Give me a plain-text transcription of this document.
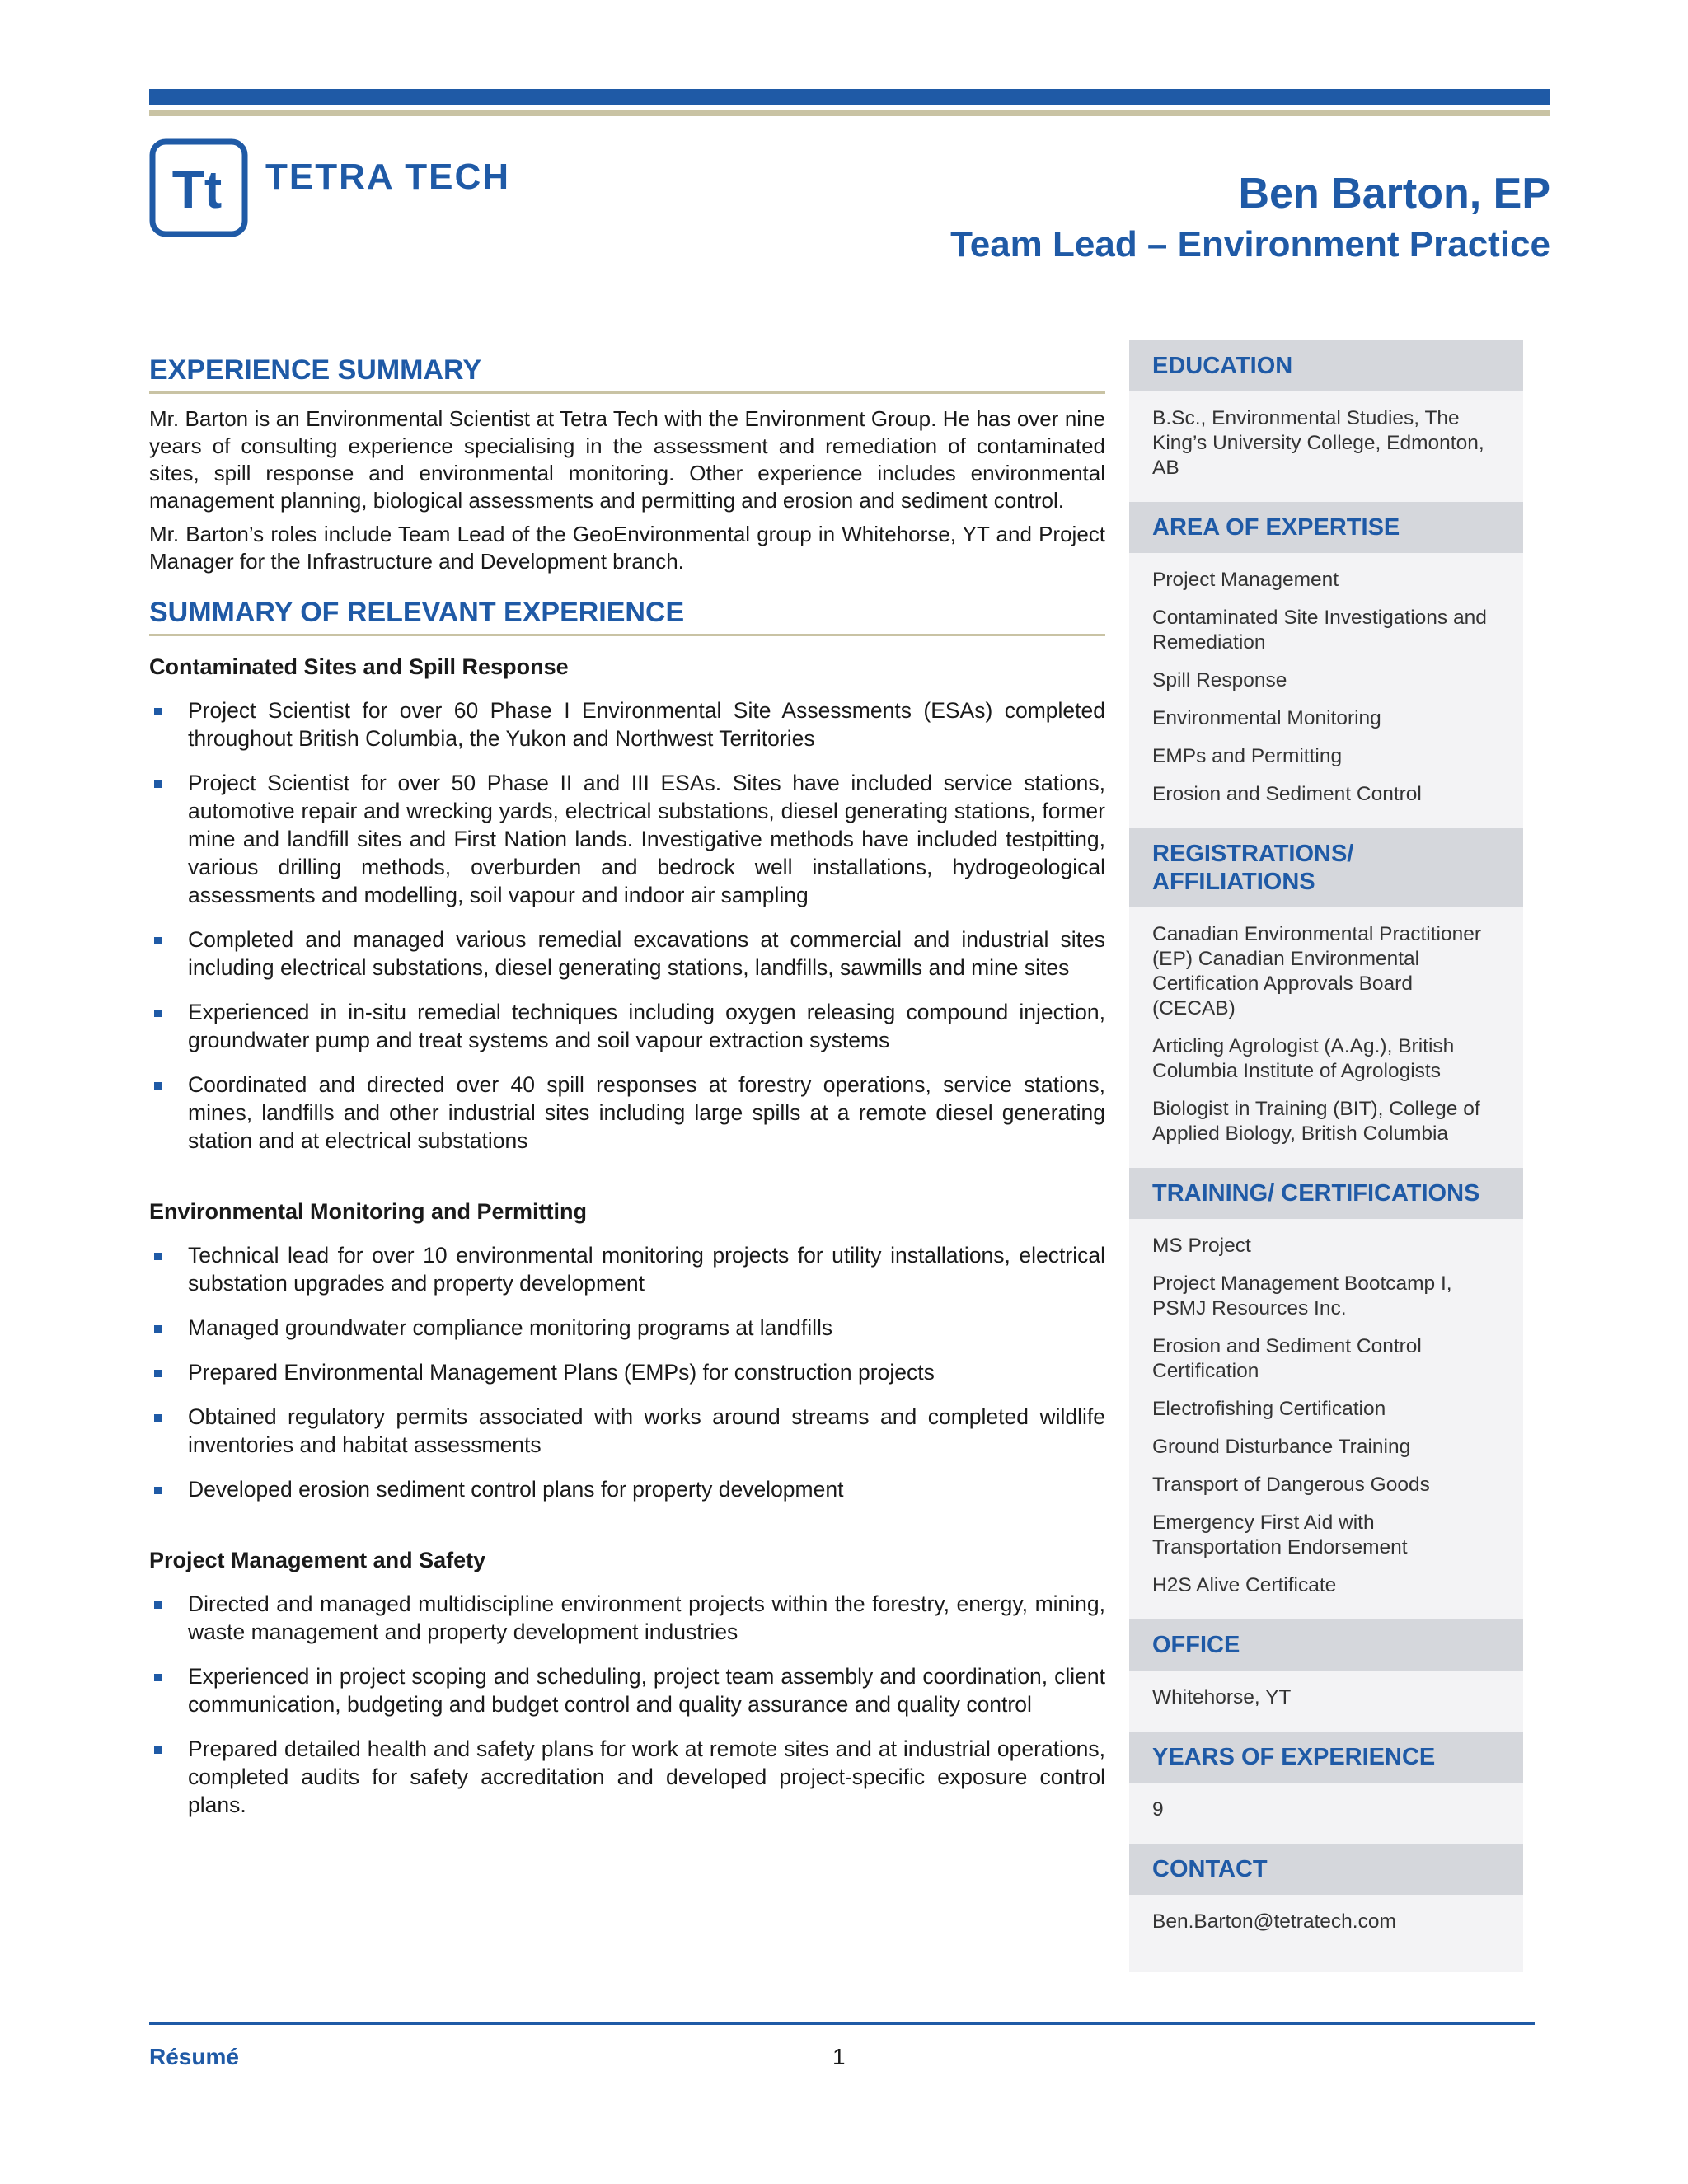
Tt TETRA TECH	Ben Barton, EP
Team Lead – Environment Practice
EXPERIENCE SUMMARY

Mr. Barton is an Environmental Scientist at Tetra Tech with the Environment Group. He has over nine years of consulting experience specialising in the assessment and remediation of contaminated sites, spill response and environmental monitoring. Other experience includes environmental management planning, biological assessments and permitting and erosion and sediment control.

Mr. Barton’s roles include Team Lead of the GeoEnvironmental group in Whitehorse, YT and Project Manager for the Infrastructure and Development branch.

SUMMARY OF RELEVANT EXPERIENCE
Contaminated Sites and Spill Response
Project Scientist for over 60 Phase I Environmental Site Assessments (ESAs) completed throughout British Columbia, the Yukon and Northwest Territories
Project Scientist for over 50 Phase II and III ESAs. Sites have included service stations, automotive repair and wrecking yards, electrical substations, diesel generating stations, former mine and landfill sites and First Nation lands. Investigative methods have included testpitting, various drilling methods, overburden and bedrock well installations, hydrogeological assessments and modelling, soil vapour and indoor air sampling
Completed and managed various remedial excavations at commercial and industrial sites including electrical substations, diesel generating stations, landfills, sawmills and mine sites
Experienced in in-situ remedial techniques including oxygen releasing compound injection, groundwater pump and treat systems and soil vapour extraction systems
Coordinated and directed over 40 spill responses at forestry operations, service stations, mines, landfills and other industrial sites including large spills at a remote diesel generating station and at electrical substations
Environmental Monitoring and Permitting
Technical lead for over 10 environmental monitoring projects for utility installations, electrical substation upgrades and property development
Managed groundwater compliance monitoring programs at landfills
Prepared Environmental Management Plans (EMPs) for construction projects
Obtained regulatory permits associated with works around streams and completed wildlife inventories and habitat assessments
Developed erosion sediment control plans for property development
Project Management and Safety
Directed and managed multidiscipline environment projects within the forestry, energy, mining, waste management and property development industries
Experienced in project scoping and scheduling, project team assembly and coordination, client communication, budgeting and budget control and quality assurance and quality control
Prepared detailed health and safety plans for work at remote sites and at industrial operations, completed audits for safety accreditation and developed project-specific exposure control plans.
EDUCATION
B.Sc., Environmental Studies, The King’s University College, Edmonton, AB
AREA OF EXPERTISE
Project Management
Contaminated Site Investigations and Remediation
Spill Response
Environmental Monitoring
EMPs and Permitting
Erosion and Sediment Control
REGISTRATIONS/ AFFILIATIONS
Canadian Environmental Practitioner (EP) Canadian Environmental Certification Approvals Board (CECAB)
Articling Agrologist (A.Ag.), British Columbia Institute of Agrologists
Biologist in Training (BIT), College of Applied Biology, British Columbia
TRAINING/ CERTIFICATIONS
MS Project
Project Management Bootcamp I, PSMJ Resources Inc.
Erosion and Sediment Control Certification
Electrofishing Certification
Ground Disturbance Training
Transport of Dangerous Goods
Emergency First Aid with Transportation Endorsement
H2S Alive Certificate
OFFICE
Whitehorse, YT
YEARS OF EXPERIENCE
9
CONTACT
Ben.Barton@tetratech.com
Résumé	1
